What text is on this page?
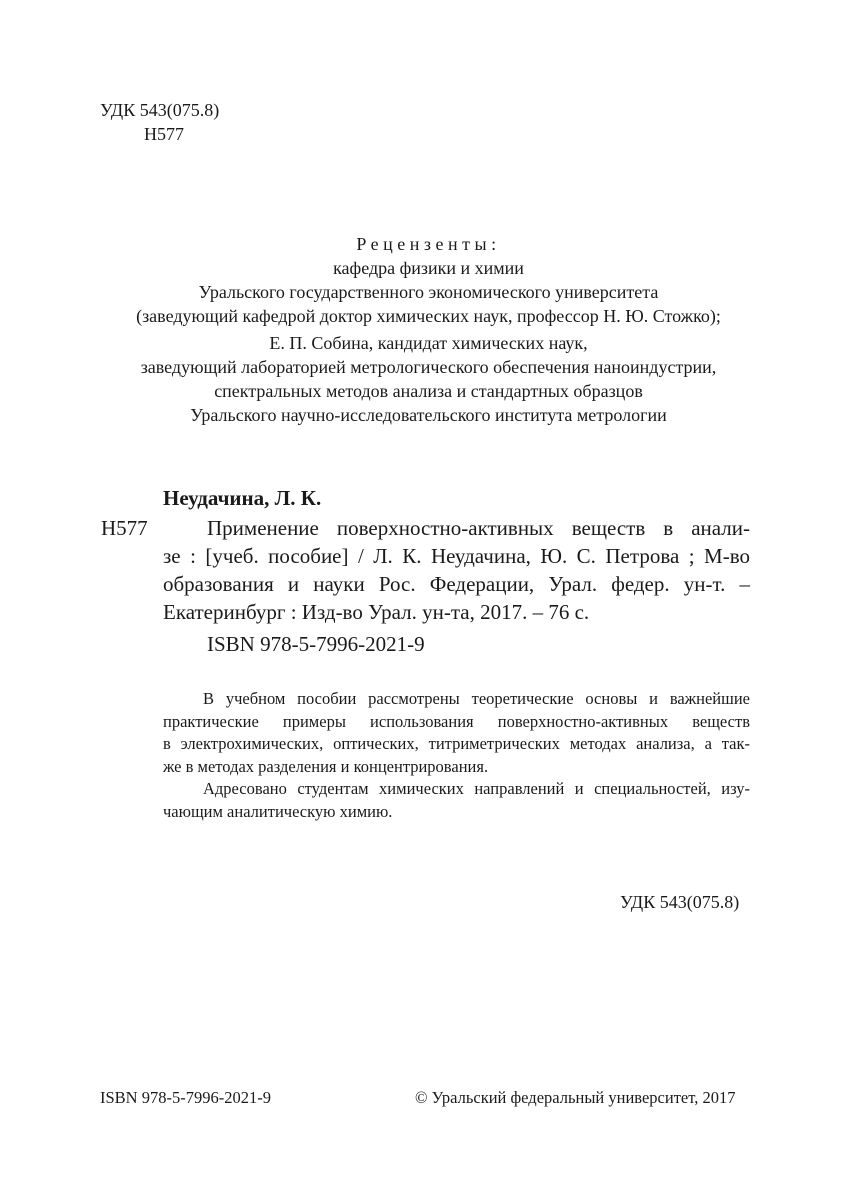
УДК 543(075.8)
Н577
Рецензенты:
кафедра физики и химии
Уральского государственного экономического университета
(заведующий кафедрой доктор химических наук, профессор Н. Ю. Стожко);
Е. П. Собина, кандидат химических наук,
заведующий лабораторией метрологического обеспечения наноиндустрии,
спектральных методов анализа и стандартных образцов
Уральского научно-исследовательского института метрологии
Неудачина, Л. К.
Н577	Применение поверхностно-активных веществ в анали-
зе : [учеб. пособие] / Л. К. Неудачина, Ю. С. Петрова ; М-во
образования и науки Рос. Федерации, Урал. федер. ун-т. –
Екатеринбург : Изд-во Урал. ун-та, 2017. – 76 с.
ISBN 978-5-7996-2021-9
В учебном пособии рассмотрены теоретические основы и важнейшие
практические примеры использования поверхностно-активных веществ
в электрохимических, оптических, титриметрических методах анализа, а так-
же в методах разделения и концентрирования.
Адресовано студентам химических направлений и специальностей, изу-
чающим аналитическую химию.
УДК 543(075.8)
ISBN 978-5-7996-2021-9	© Уральский федеральный университет, 2017
